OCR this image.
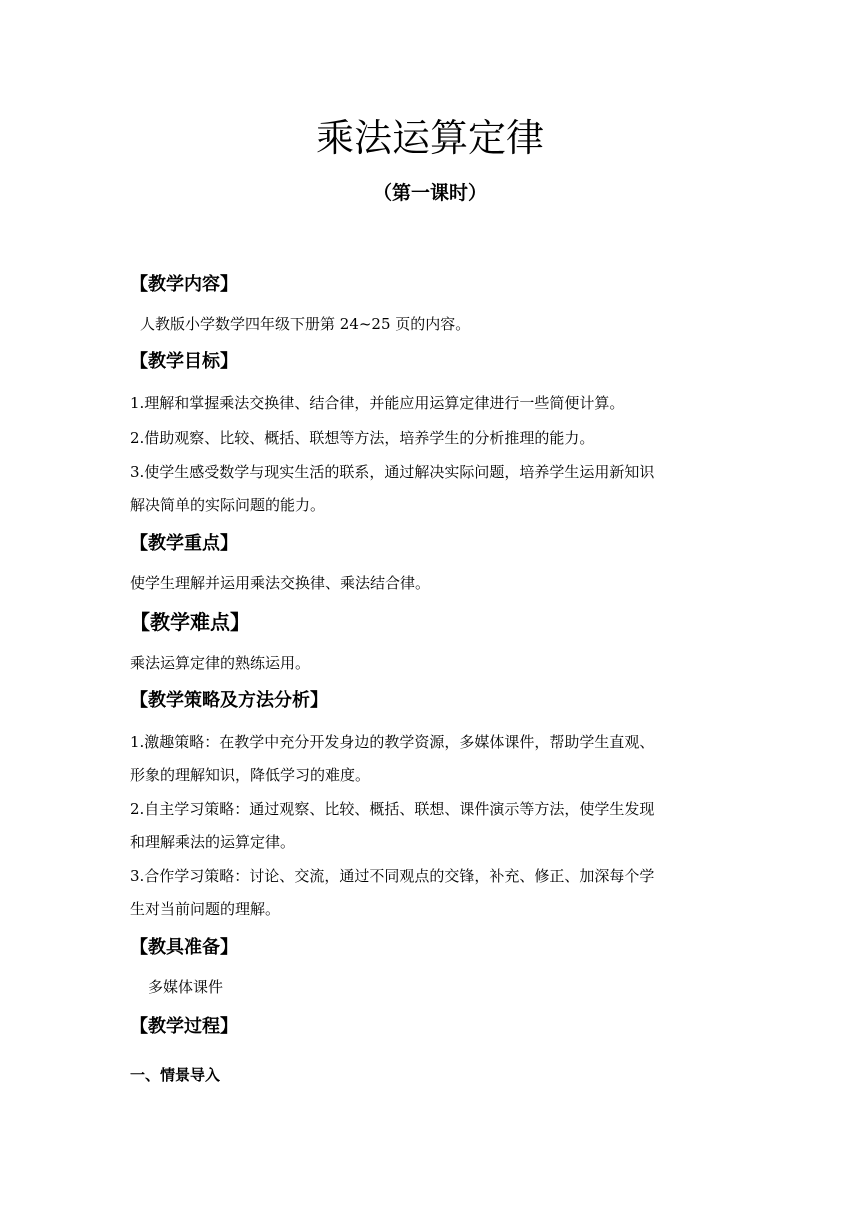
乘法运算定律
（第一课时）
【教学内容】
人教版小学数学四年级下册第 24~25 页的内容。
【教学目标】
1.理解和掌握乘法交换律、结合律，并能应用运算定律进行一些简便计算。
2.借助观察、比较、概括、联想等方法，培养学生的分析推理的能力。
3.使学生感受数学与现实生活的联系，通过解决实际问题，培养学生运用新知识
解决简单的实际问题的能力。
【教学重点】
使学生理解并运用乘法交换律、乘法结合律。
【教学难点】
乘法运算定律的熟练运用。
【教学策略及方法分析】
1.激趣策略：在教学中充分开发身边的教学资源，多媒体课件，帮助学生直观、
形象的理解知识，降低学习的难度。
2.自主学习策略：通过观察、比较、概括、联想、课件演示等方法，使学生发现
和理解乘法的运算定律。
3.合作学习策略：讨论、交流，通过不同观点的交锋，补充、修正、加深每个学
生对当前问题的理解。
【教具准备】
多媒体课件
【教学过程】
一、情景导入
